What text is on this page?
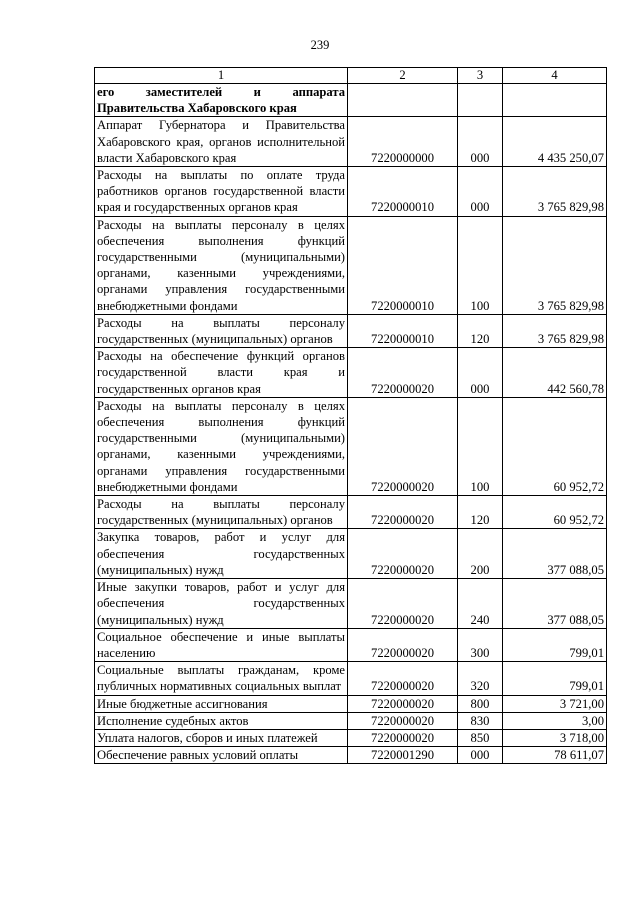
239
1	2	3	4
его заместителей и аппарата Правительства Хабаровского края			
Аппарат Губернатора и Правительства Хабаровского края, органов исполнительной власти Хабаровского края	7220000000	000	4 435 250,07
Расходы на выплаты по оплате труда работников органов государственной власти края и государственных органов края	7220000010	000	3 765 829,98
Расходы на выплаты персоналу в целях обеспечения выполнения функций государственными (муниципальными) органами, казенными учреждениями, органами управления государственными внебюджетными фондами	7220000010	100	3 765 829,98
Расходы на выплаты персоналу государственных (муниципальных) органов	7220000010	120	3 765 829,98
Расходы на обеспечение функций органов государственной власти края и государственных органов края	7220000020	000	442 560,78
Расходы на выплаты персоналу в целях обеспечения выполнения функций государственными (муниципальными) органами, казенными учреждениями, органами управления государственными внебюджетными фондами	7220000020	100	60 952,72
Расходы на выплаты персоналу государственных (муниципальных) органов	7220000020	120	60 952,72
Закупка товаров, работ и услуг для обеспечения государственных (муниципальных) нужд	7220000020	200	377 088,05
Иные закупки товаров, работ и услуг для обеспечения государственных (муниципальных) нужд	7220000020	240	377 088,05
Социальное обеспечение и иные выплаты населению	7220000020	300	799,01
Социальные выплаты гражданам, кроме публичных нормативных социальных выплат	7220000020	320	799,01
Иные бюджетные ассигнования	7220000020	800	3 721,00
Исполнение судебных актов	7220000020	830	3,00
Уплата налогов, сборов и иных платежей	7220000020	850	3 718,00
Обеспечение равных условий оплаты	7220001290	000	78 611,07
